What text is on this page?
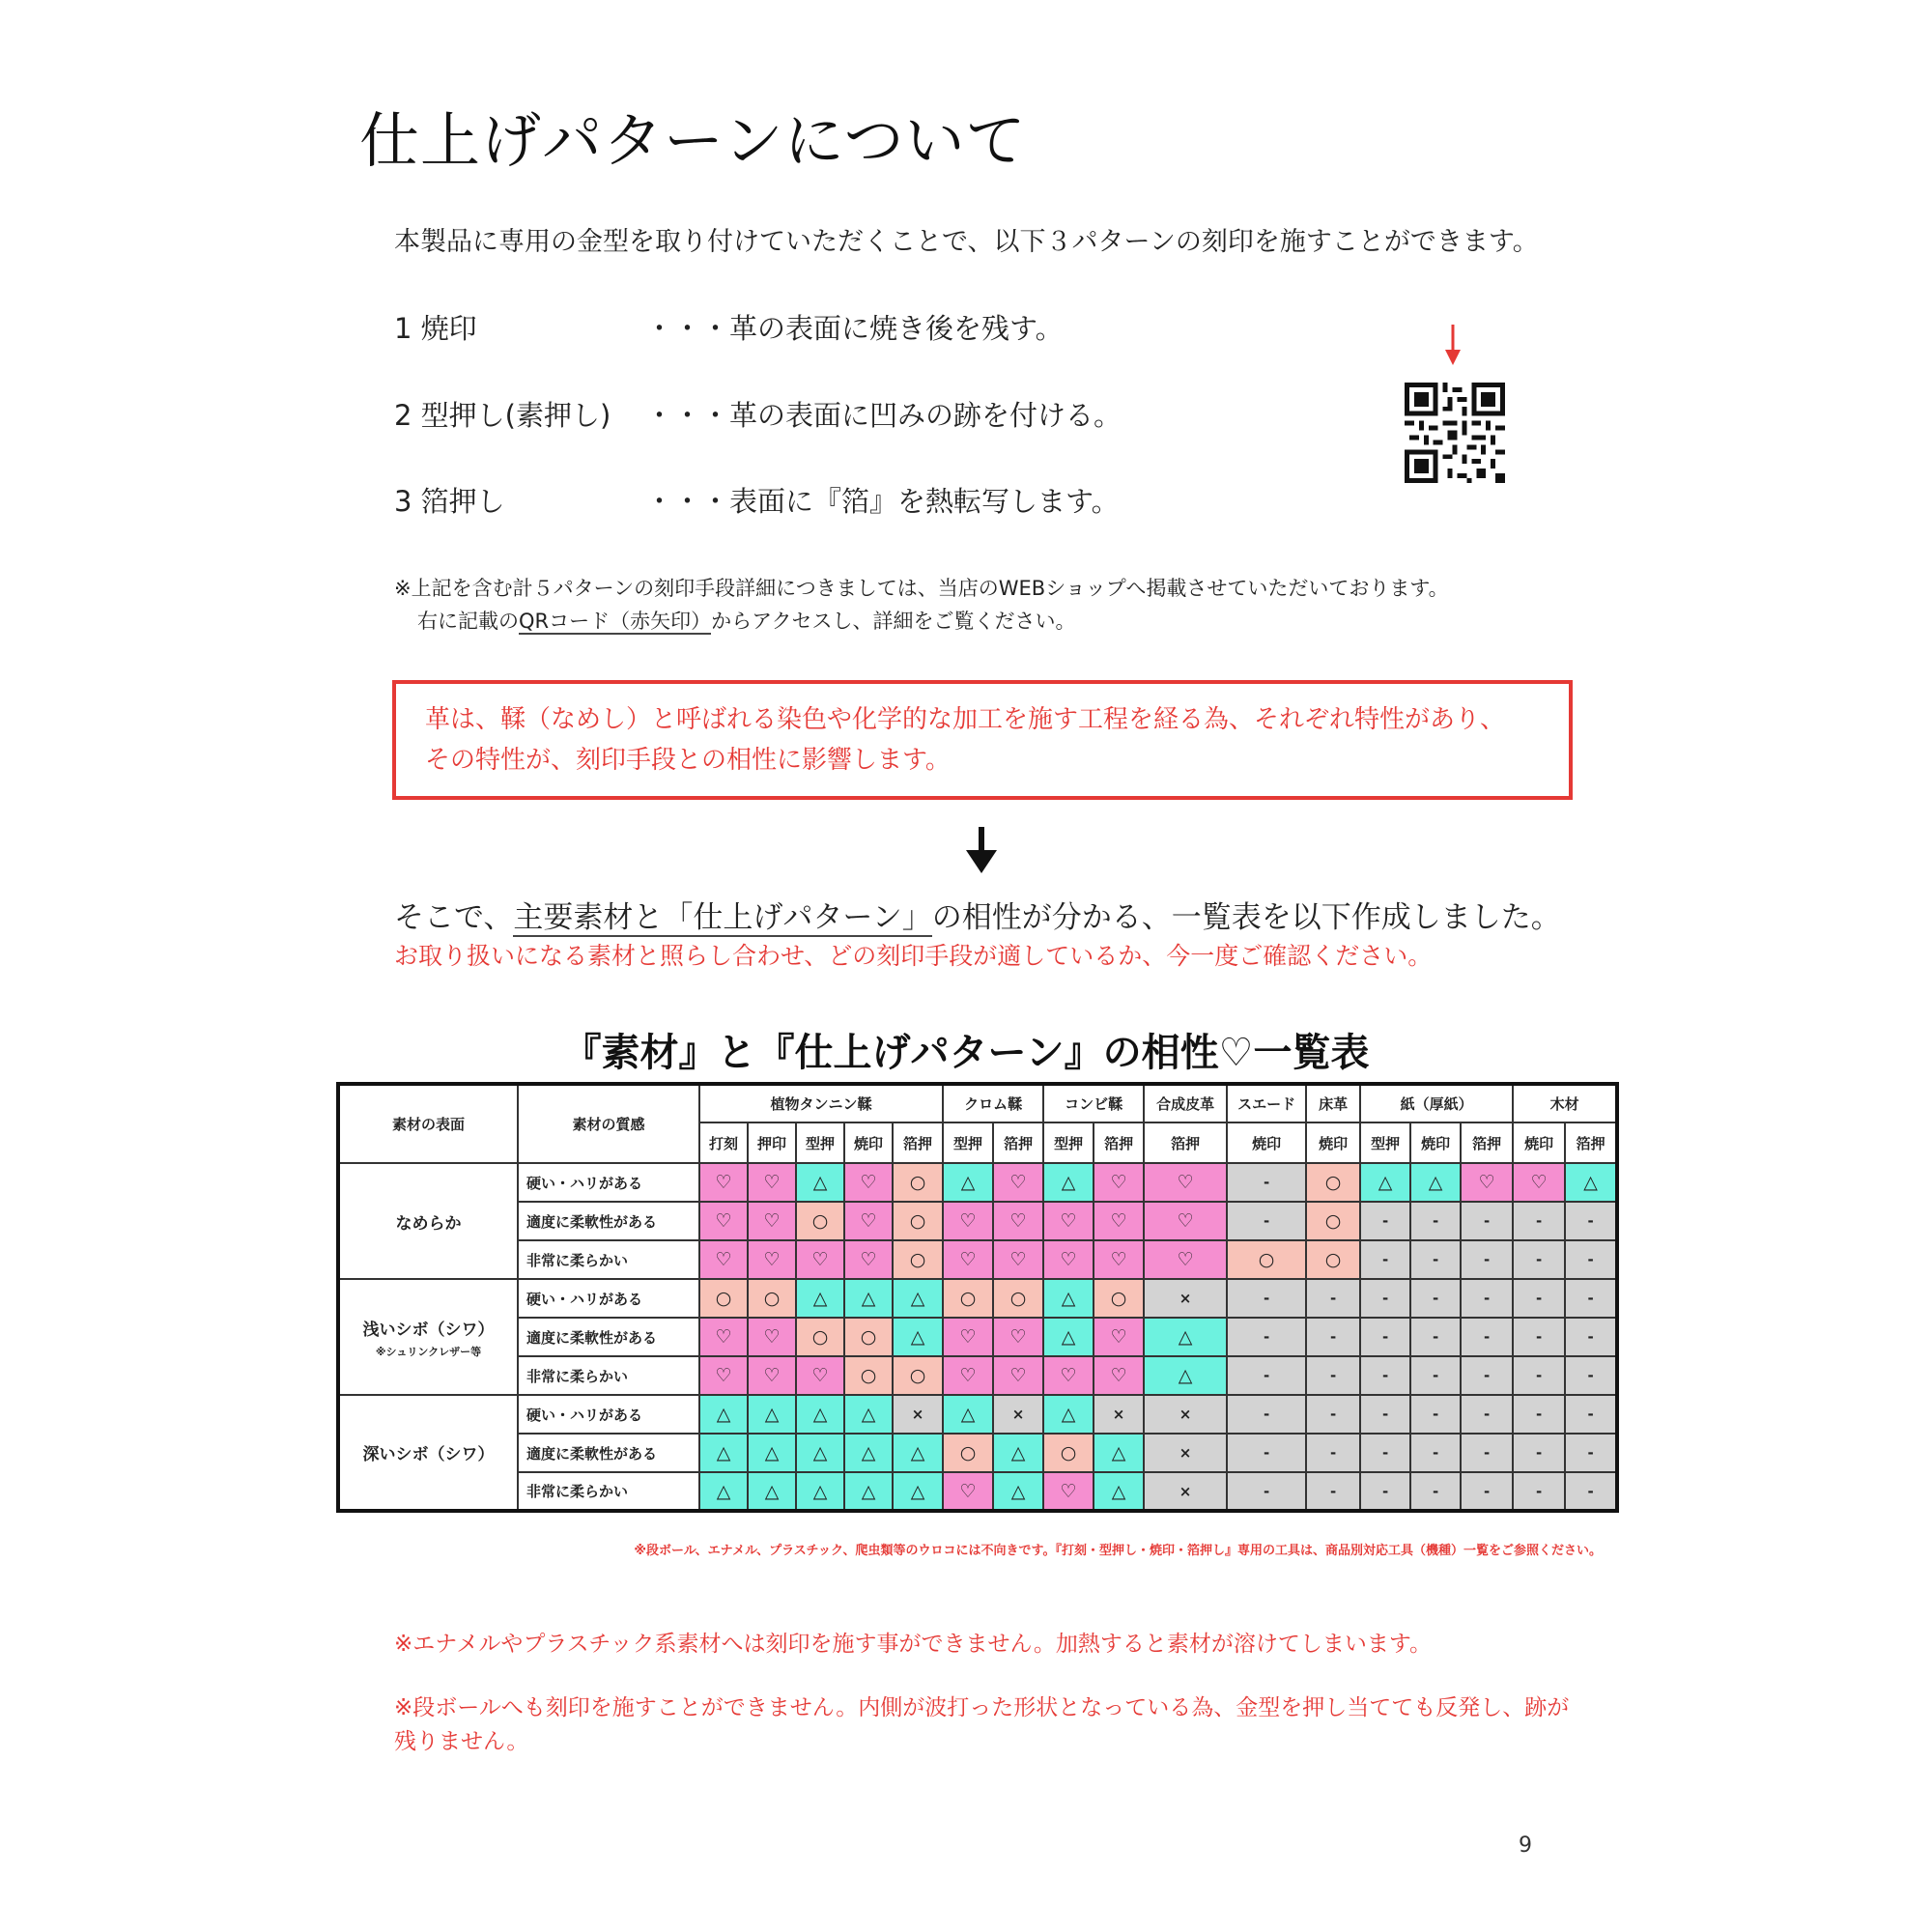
仕上げパターンについて
本製品に専用の金型を取り付けていただくことで、以下３パターンの刻印を施すことができます。
1 焼印	・・・革の表面に焼き後を残す。
2 型押し(素押し) ・・・革の表面に凹みの跡を付ける。
3 箔押し	・・・表面に『箔』を熱転写します。
※上記を含む計５パターンの刻印手段詳細につきましては、当店のWEBショップへ掲載させていただいております。
右に記載のQRコード（赤矢印）からアクセスし、詳細をご覧ください。
革は、鞣（なめし）と呼ばれる染色や化学的な加工を施す工程を経る為、それぞれ特性があり、
その特性が、刻印手段との相性に影響します。
そこで、主要素材と「仕上げパターン」の相性が分かる、一覧表を以下作成しました。
お取り扱いになる素材と照らし合わせ、どの刻印手段が適しているか、今一度ご確認ください。
『素材』と『仕上げパターン』の相性♡一覧表
素材の表面	素材の質感	植物タンニン鞣					クロム鞣		コンビ鞣		合成皮革	スエード	床革	紙（厚紙）			木材	
		打刻	押印	型押	焼印	箔押	型押	箔押	型押	箔押	箔押	焼印	焼印	型押	焼印	箔押	焼印	箔押
なめらか	硬い・ハリがある	♡	♡	△	♡	○	△	♡	△	♡	♡	-	○	△	△	♡	♡	△
	適度に柔軟性がある	♡	♡	○	♡	○	♡	♡	♡	♡	♡	-	○	-	-	-	-	-
	非常に柔らかい	♡	♡	♡	♡	○	♡	♡	♡	♡	♡	○	○	-	-	-	-	-
浅いシボ（シワ）
※シュリンクレザー等	硬い・ハリがある	○	○	△	△	△	○	○	△	○	×	-	-	-	-	-	-	-
	適度に柔軟性がある	♡	♡	○	○	△	♡	♡	△	♡	△	-	-	-	-	-	-	-
	非常に柔らかい	♡	♡	♡	○	○	♡	♡	♡	♡	△	-	-	-	-	-	-	-
深いシボ（シワ）	硬い・ハリがある	△	△	△	△	×	△	×	△	×	×	-	-	-	-	-	-	-
	適度に柔軟性がある	△	△	△	△	△	○	△	○	△	×	-	-	-	-	-	-	-
	非常に柔らかい	△	△	△	△	△	♡	△	♡	△	×	-	-	-	-	-	-	-
※段ボール、エナメル、プラスチック、爬虫類等のウロコには不向きです。『打刻・型押し・焼印・箔押し』専用の工具は、商品別対応工具（機種）一覧をご参照ください。
※エナメルやプラスチック系素材へは刻印を施す事ができません。加熱すると素材が溶けてしまいます。
※段ボールへも刻印を施すことができません。内側が波打った形状となっている為、金型を押し当てても反発し、跡が
残りません。
9
